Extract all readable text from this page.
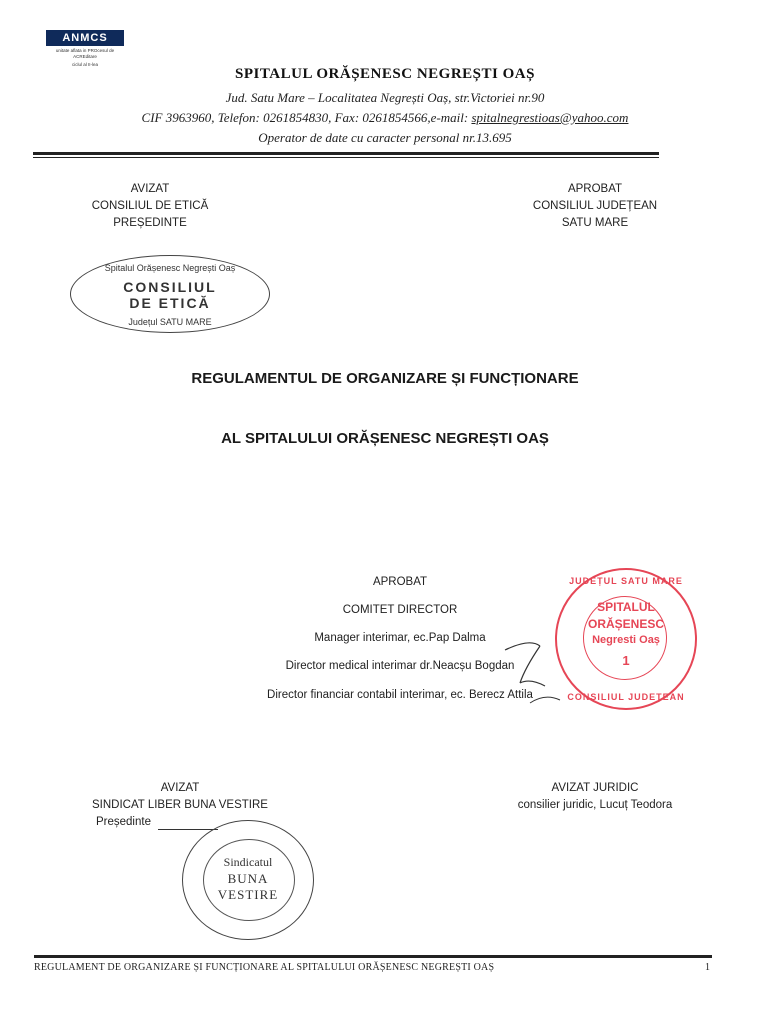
ANMCS
unitate aflata in PROcesul de ACREditare
ciclul al II-lea
SPITALUL ORĂȘENESC NEGREȘTI OAȘ
Jud. Satu Mare – Localitatea Negrești Oaș, str.Victoriei nr.90
CIF 3963960, Telefon: 0261854830, Fax: 0261854566,e-mail: spitalnegrestioas@yahoo.com
Operator de date cu caracter personal nr.13.695
AVIZAT
CONSILIUL DE ETICĂ
PREȘEDINTE
APROBAT
CONSILIUL JUDEȚEAN
SATU MARE
Spitalul Orășenesc Negrești Oaș
CONSILIUL
DE ETICĂ
Județul SATU MARE
REGULAMENTUL DE ORGANIZARE ȘI FUNCȚIONARE
AL SPITALULUI ORĂȘENESC NEGREȘTI OAȘ
APROBAT
COMITET DIRECTOR
Manager interimar, ec.Pap Dalma
Director medical interimar dr.Neacșu Bogdan
Director financiar contabil interimar, ec. Berecz Attila
JUDEȚUL SATU MARE
SPITALUL
ORĂȘENESC
Negresti Oaș
1
CONSILIUL JUDEȚEAN
AVIZAT
SINDICAT LIBER BUNA VESTIRE
Președinte
AVIZAT JURIDIC
consilier juridic, Lucuț Teodora
Sindicatul
BUNA
VESTIRE
REGULAMENT DE ORGANIZARE ȘI FUNCȚIONARE AL SPITALULUI ORĂȘENESC NEGREȘTI OAȘ	1
